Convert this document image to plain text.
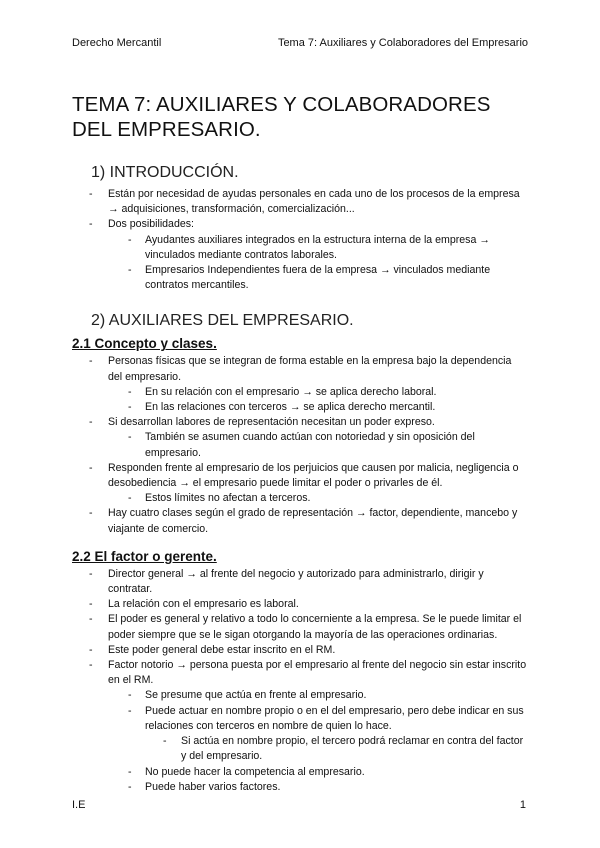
Derecho Mercantil	Tema 7: Auxiliares y Colaboradores del Empresario
TEMA 7: AUXILIARES Y COLABORADORES
DEL EMPRESARIO.
1) INTRODUCCIÓN.
- Están por necesidad de ayudas personales en cada uno de los procesos de la empresa → adquisiciones, transformación, comercialización...
- Dos posibilidades:
- Ayudantes auxiliares integrados en la estructura interna de la empresa → vinculados mediante contratos laborales.
- Empresarios Independientes fuera de la empresa → vinculados mediante contratos mercantiles.
2) AUXILIARES DEL EMPRESARIO.
2.1 Concepto y clases.
- Personas físicas que se integran de forma estable en la empresa bajo la dependencia del empresario.
- En su relación con el empresario → se aplica derecho laboral.
- En las relaciones con terceros → se aplica derecho mercantil.
- Si desarrollan labores de representación necesitan un poder expreso.
- También se asumen cuando actúan con notoriedad y sin oposición del empresario.
- Responden frente al empresario de los perjuicios que causen por malicia, negligencia o desobediencia → el empresario puede limitar el poder o privarles de él.
- Estos límites no afectan a terceros.
- Hay cuatro clases según el grado de representación → factor, dependiente, mancebo y viajante de comercio.
2.2 El factor o gerente.
- Director general → al frente del negocio y autorizado para administrarlo, dirigir y contratar.
- La relación con el empresario es laboral.
- El poder es general y relativo a todo lo concerniente a la empresa. Se le puede limitar el poder siempre que se le sigan otorgando la mayoría de las operaciones ordinarias.
- Este poder general debe estar inscrito en el RM.
- Factor notorio → persona puesta por el empresario al frente del negocio sin estar inscrito en el RM.
- Se presume que actúa en frente al empresario.
- Puede actuar en nombre propio o en el del empresario, pero debe indicar en sus relaciones con terceros en nombre de quien lo hace.
- Si actúa en nombre propio, el tercero podrá reclamar en contra del factor y del empresario.
- No puede hacer la competencia al empresario.
- Puede haber varios factores.
I.E	1
